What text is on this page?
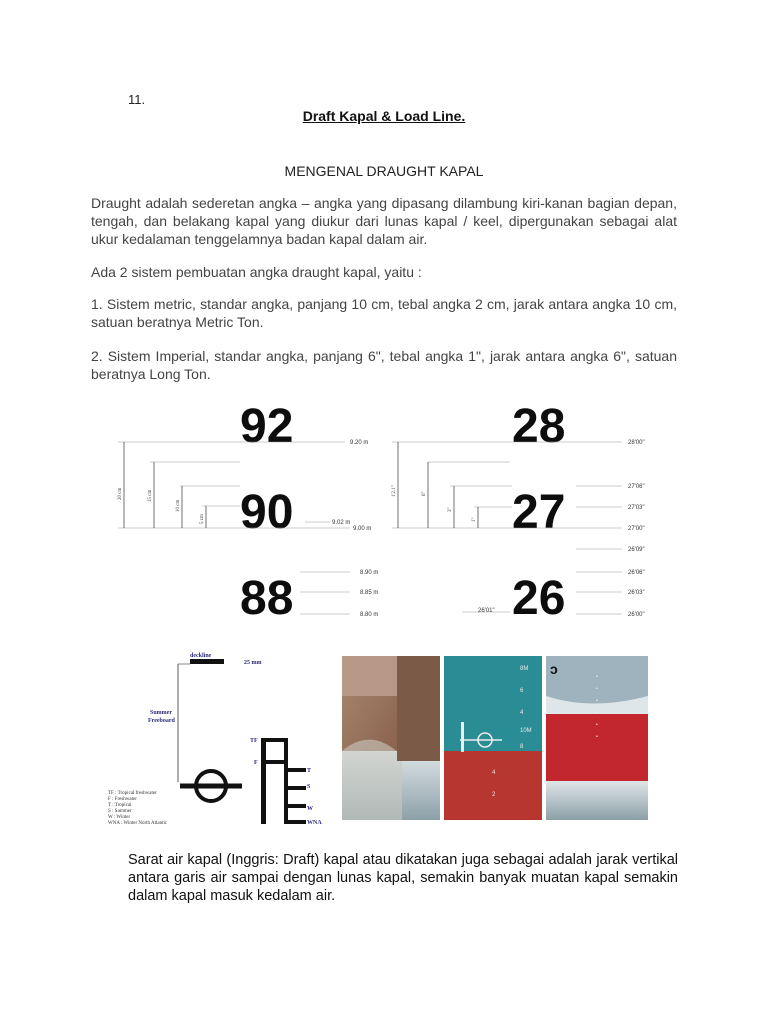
11.
Draft Kapal & Load Line.
MENGENAL DRAUGHT KAPAL
Draught adalah sederetan angka – angka yang dipasang dilambung kiri-kanan bagian depan, tengah, dan belakang kapal yang diukur dari lunas kapal / keel, dipergunakan sebagai alat ukur kedalaman tenggelamnya badan kapal dalam air.
Ada 2 sistem pembuatan angka draught kapal, yaitu :
1. Sistem metric, standar angka, panjang 10 cm, tebal angka 2 cm, jarak antara angka 10 cm, satuan beratnya Metric Ton.
2. Sistem Imperial, standar angka, panjang 6", tebal angka 1", jarak antara angka 6", satuan beratnya Long Ton.
92
90
88
9.20 m
9.02 m
9.00 m
8.90 m
8.85 m
8.80 m
20 cm	15 cm
10 cm
5 cm
28
27
26
28'00"
27'06"
27'03"
27'00"
26'09"
26'06"
26'03"
26'00"
26'01"
1'2.1"	6"
3"
1"
deckline
25 mm
Summer
Freeboard
TF
F
T
S
W
WNA
TF : Tropical freshwater
F : Freshwater
T : Tropical
S : Summer
W : Winter
WNA : Winter North Atlantic
8M
6
4
10M
8
4
2
•
•
•
•
•
•
ɔ
Sarat air kapal (Inggris: Draft) kapal atau dikatakan juga sebagai adalah jarak vertikal antara garis air sampai dengan lunas kapal, semakin banyak muatan kapal semakin dalam kapal masuk kedalam air.
